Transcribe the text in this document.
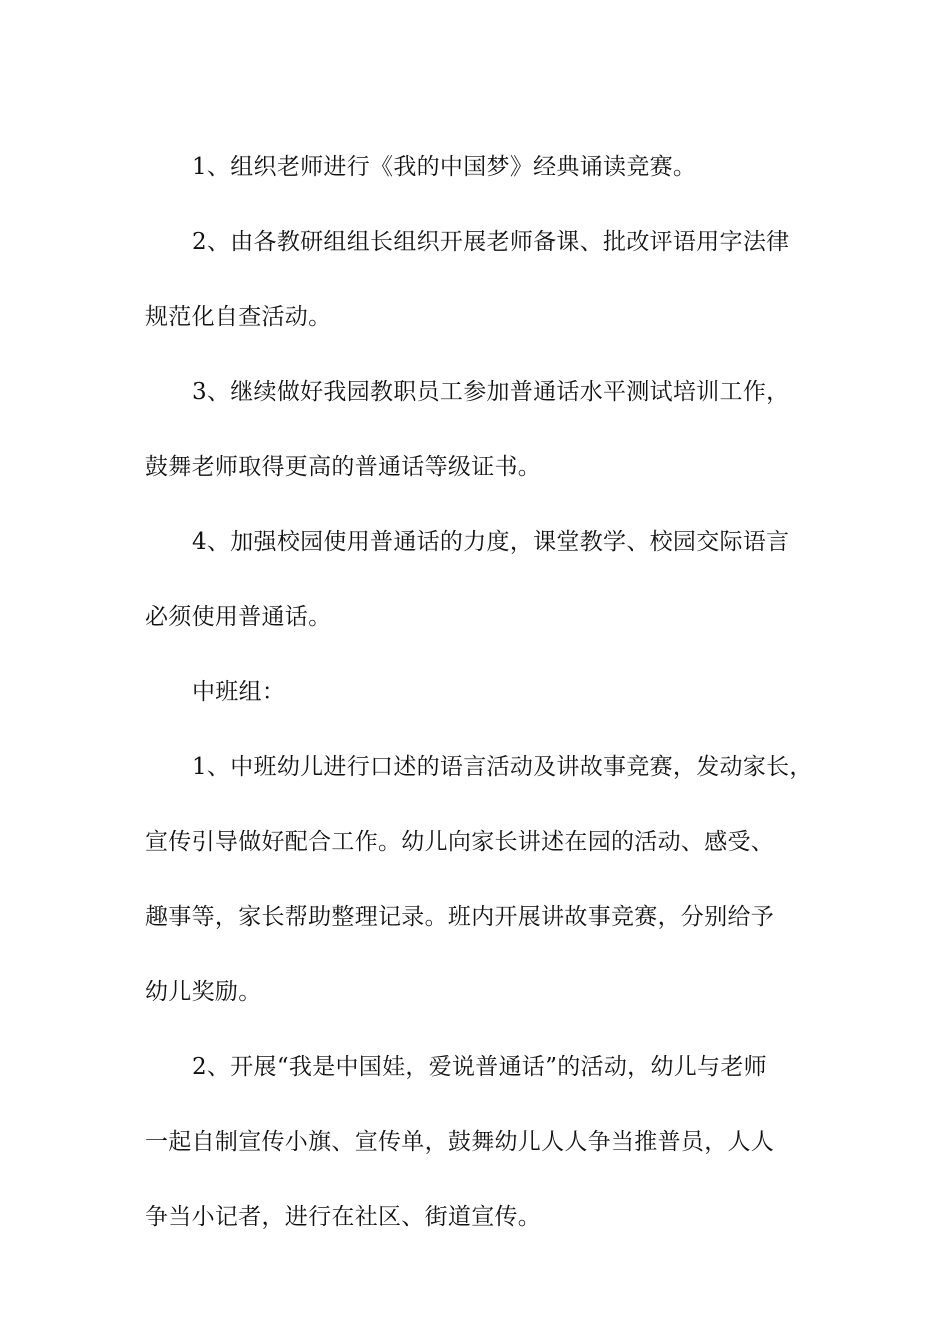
1、组织老师进行《我的中国梦》经典诵读竞赛。

2、由各教研组组长组织开展老师备课、批改评语用字法律

规范化自查活动。

3、继续做好我园教职员工参加普通话水平测试培训工作，

鼓舞老师取得更高的普通话等级证书。

4、加强校园使用普通话的力度，课堂教学、校园交际语言

必须使用普通话。

中班组：

1、中班幼儿进行口述的语言活动及讲故事竞赛，发动家长，

宣传引导做好配合工作。幼儿向家长讲述在园的活动、感受、

趣事等，家长帮助整理记录。班内开展讲故事竞赛，分别给予

幼儿奖励。

2、开展“我是中国娃，爱说普通话”的活动，幼儿与老师

一起自制宣传小旗、宣传单，鼓舞幼儿人人争当推普员，人人

争当小记者，进行在社区、街道宣传。
